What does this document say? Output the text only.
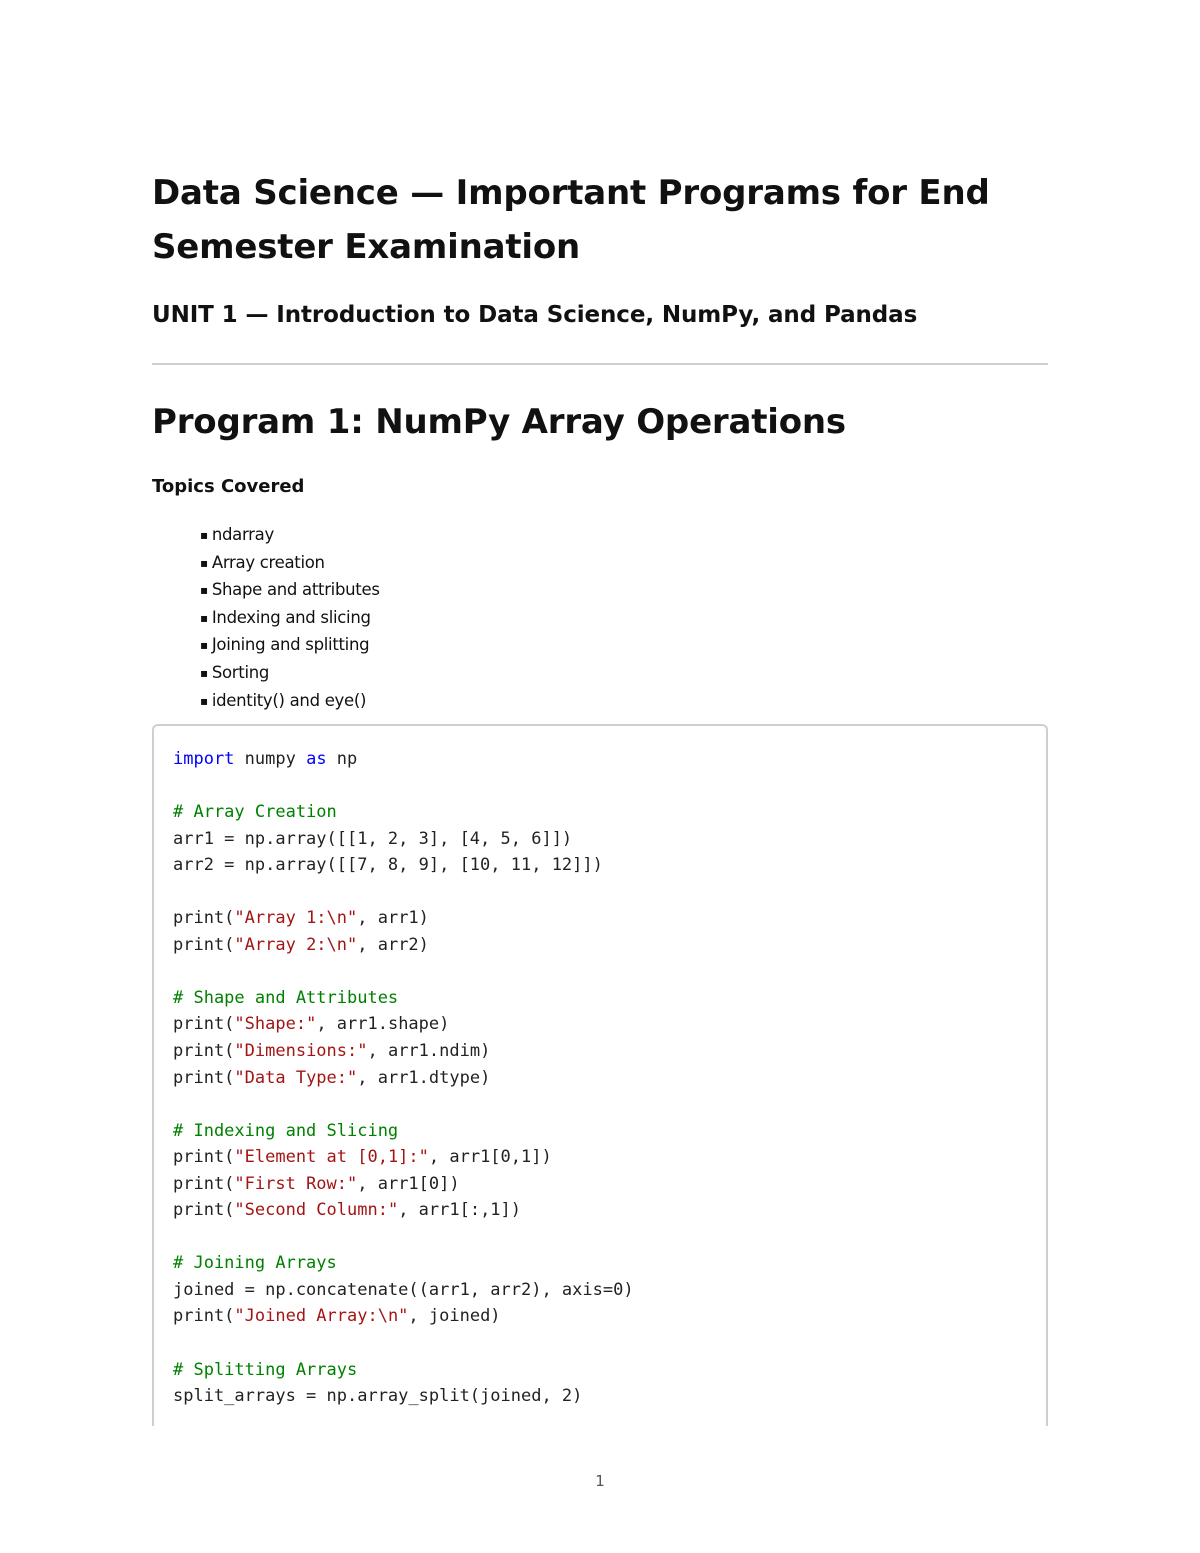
Data Science — Important Programs for End Semester Examination
UNIT 1 — Introduction to Data Science, NumPy, and Pandas
Program 1: NumPy Array Operations
Topics Covered
▪ ndarray
▪ Array creation
▪ Shape and attributes
▪ Indexing and slicing
▪ Joining and splitting
▪ Sorting
▪ identity() and eye()
import numpy as np

# Array Creation
arr1 = np.array([[1, 2, 3], [4, 5, 6]])
arr2 = np.array([[7, 8, 9], [10, 11, 12]])

print("Array 1:\n", arr1)
print("Array 2:\n", arr2)

# Shape and Attributes
print("Shape:", arr1.shape)
print("Dimensions:", arr1.ndim)
print("Data Type:", arr1.dtype)

# Indexing and Slicing
print("Element at [0,1]:", arr1[0,1])
print("First Row:", arr1[0])
print("Second Column:", arr1[:,1])

# Joining Arrays
joined = np.concatenate((arr1, arr2), axis=0)
print("Joined Array:\n", joined)

# Splitting Arrays
split_arrays = np.array_split(joined, 2)
1
